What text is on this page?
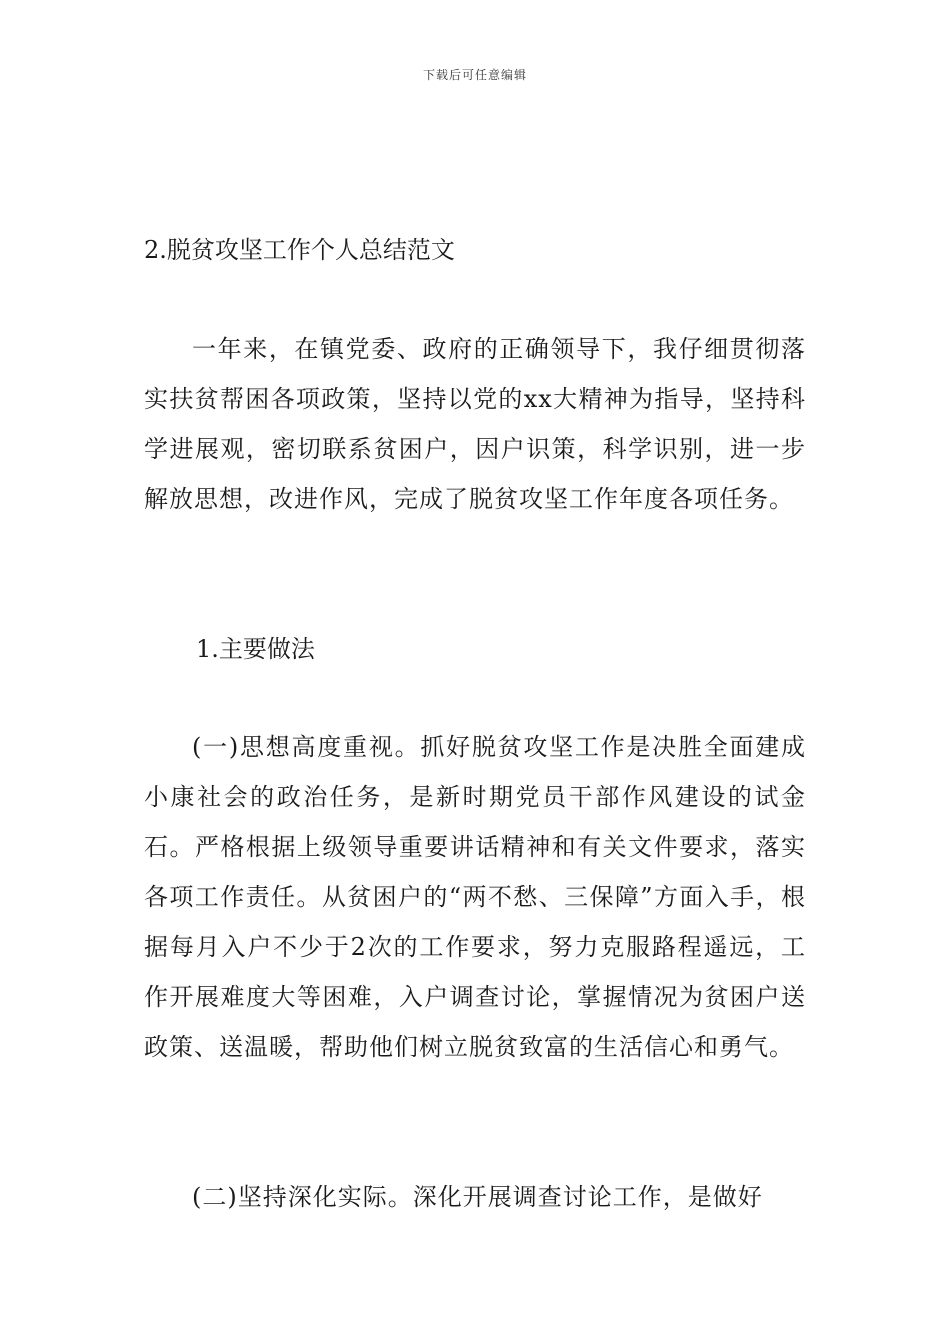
下载后可任意编辑
2.脱贫攻坚工作个人总结范文

一年来，在镇党委、政府的正确领导下，我仔细贯彻落实扶贫帮困各项政策，坚持以党的xx大精神为指导，坚持科学进展观，密切联系贫困户，因户识策，科学识别，进一步解放思想，改进作风，完成了脱贫攻坚工作年度各项任务。

1.主要做法

(一)思想高度重视。抓好脱贫攻坚工作是决胜全面建成小康社会的政治任务，是新时期党员干部作风建设的试金石。严格根据上级领导重要讲话精神和有关文件要求，落实各项工作责任。从贫困户的“两不愁、三保障”方面入手，根据每月入户不少于2次的工作要求，努力克服路程遥远，工作开展难度大等困难，入户调查讨论，掌握情况为贫困户送政策、送温暖，帮助他们树立脱贫致富的生活信心和勇气。

(二)坚持深化实际。深化开展调查讨论工作，是做好
